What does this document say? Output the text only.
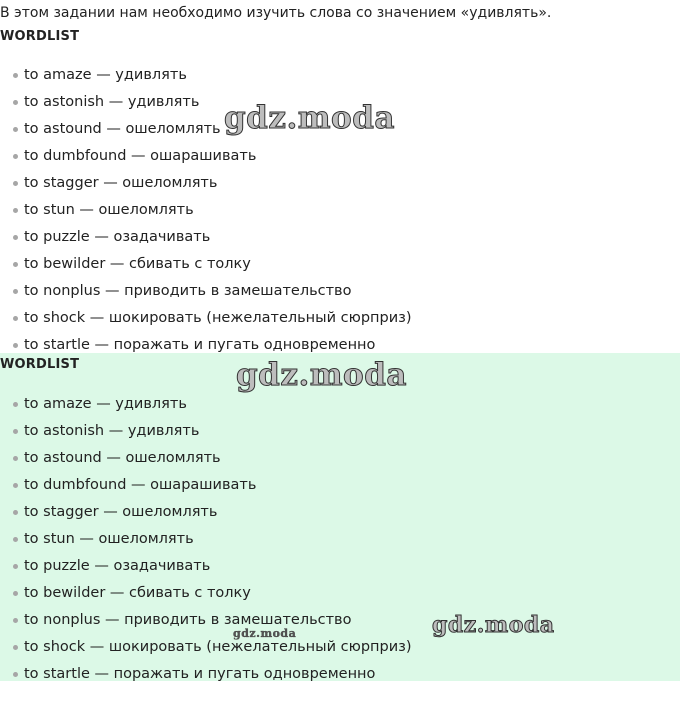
В этом задании нам необходимо изучить слова со значением «удивлять».
WORDLIST
to amaze — удивлять
to astonish — удивлять
to astound — ошеломлять
to dumbfound — ошарашивать
to stagger — ошеломлять
to stun — ошеломлять
to puzzle — озадачивать
to bewilder — сбивать с толку
to nonplus — приводить в замешательство
to shock — шокировать (нежелательный сюрприз)
to startle — поражать и пугать одновременно
WORDLIST
to amaze — удивлять
to astonish — удивлять
to astound — ошеломлять
to dumbfound — ошарашивать
to stagger — ошеломлять
to stun — ошеломлять
to puzzle — озадачивать
to bewilder — сбивать с толку
to nonplus — приводить в замешательство
to shock — шокировать (нежелательный сюрприз)
to startle — поражать и пугать одновременно
gdz.moda
gdz.moda
gdz.moda
gdz.moda
